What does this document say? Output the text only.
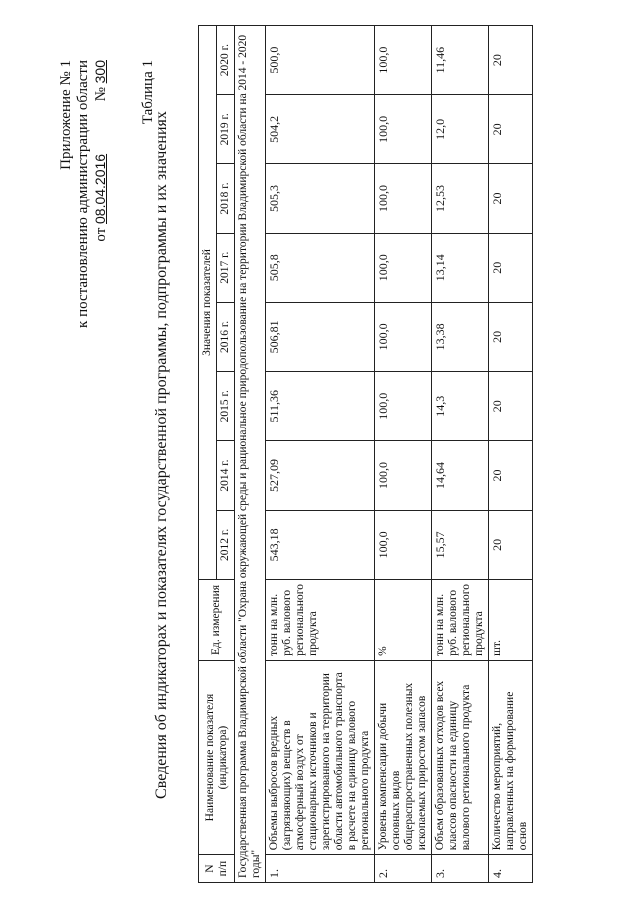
Приложение № 1 к постановлению администрации области от 08.04.2016              № 300 Таблица 1
Сведения об индикаторах и показателях государственной программы, подпрограммы и их значениях
N п/п	Наименование показателя (индикатора)	Ед. измерения	Значения показателей							
			2012 г.	2014 г.	2015 г.	2016 г.	2017 г.	2018 г.	2019 г.	2020 г.
Государственная программа Владимирской области "Охрана окружающей среды и рациональное природопользование на территории Владимирской области на 2014 - 2020 годы"										
1.	Объемы выбросов вредных (загрязняющих) веществ в атмосферный воздух от стационарных источников и зарегистрированного на территории области автомобильного транспорта в расчете на единицу валового регионального продукта	тонн на млн. руб. валового регионального продукта	543,18	527,09	511,36	506,81	505,8	505,3	504,2	500,0
2.	Уровень компенсации добычи основных видов общераспространенных полезных ископаемых приростом запасов	%	100,0	100,0	100,0	100,0	100,0	100,0	100,0	100,0
3.	Объем образованных отходов всех классов опасности на единицу валового регионального продукта	тонн на млн. руб. валового регионального продукта	15,57	14,64	14,3	13,38	13,14	12,53	12,0	11,46
4.	Количество мероприятий, направленных на формирование основ	шт.	20	20	20	20	20	20	20	20
